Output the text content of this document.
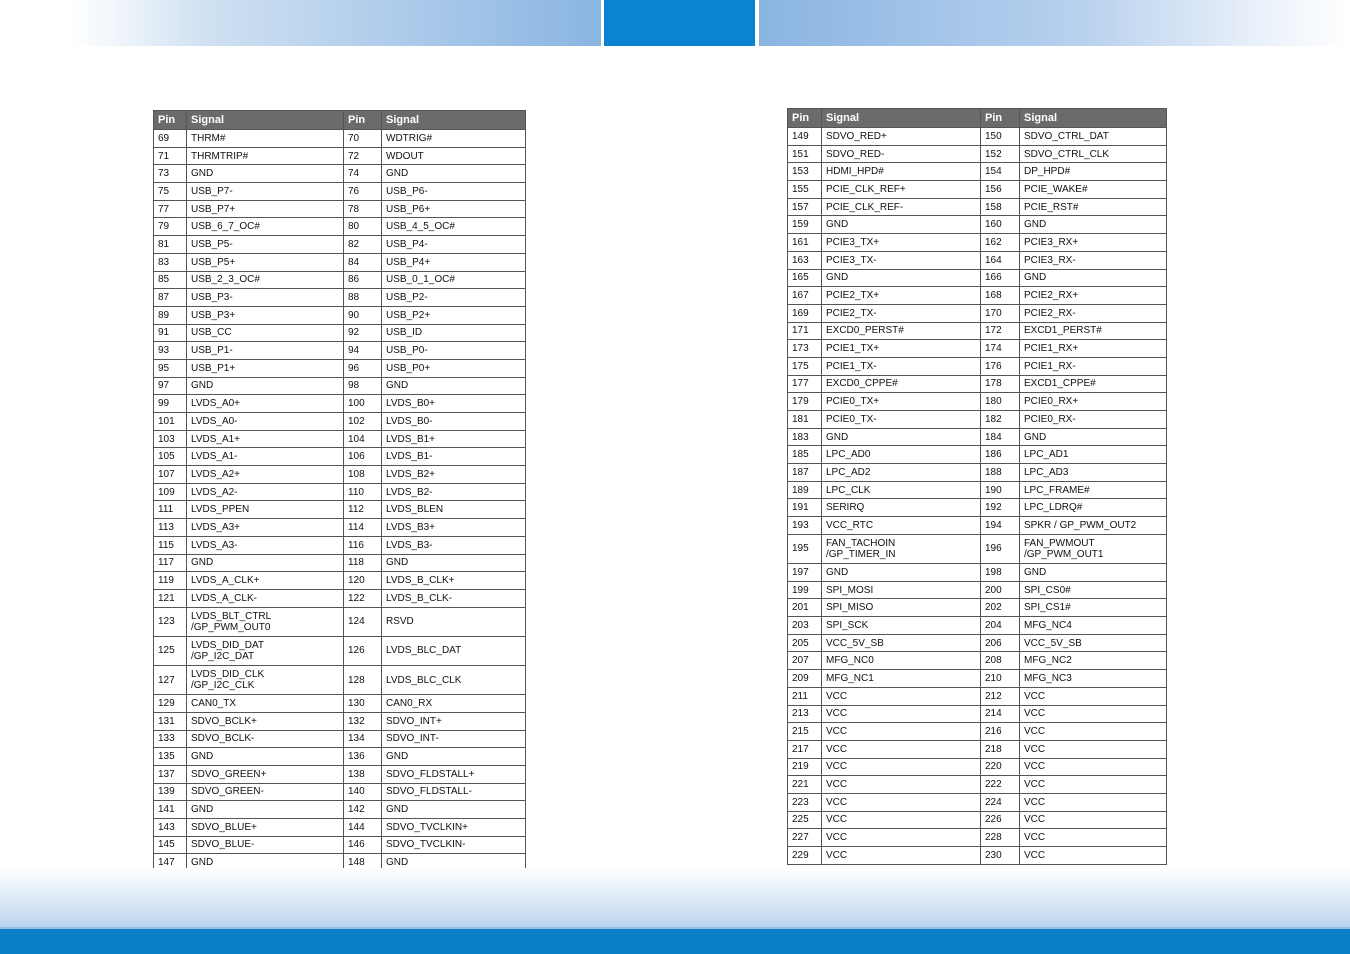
Pin	Signal	Pin	Signal
69	THRM#	70	WDTRIG#
71	THRMTRIP#	72	WDOUT
73	GND	74	GND
75	USB_P7-	76	USB_P6-
77	USB_P7+	78	USB_P6+
79	USB_6_7_OC#	80	USB_4_5_OC#
81	USB_P5-	82	USB_P4-
83	USB_P5+	84	USB_P4+
85	USB_2_3_OC#	86	USB_0_1_OC#
87	USB_P3-	88	USB_P2-
89	USB_P3+	90	USB_P2+
91	USB_CC	92	USB_ID
93	USB_P1-	94	USB_P0-
95	USB_P1+	96	USB_P0+
97	GND	98	GND
99	LVDS_A0+	100	LVDS_B0+
101	LVDS_A0-	102	LVDS_B0-
103	LVDS_A1+	104	LVDS_B1+
105	LVDS_A1-	106	LVDS_B1-
107	LVDS_A2+	108	LVDS_B2+
109	LVDS_A2-	110	LVDS_B2-
111	LVDS_PPEN	112	LVDS_BLEN
113	LVDS_A3+	114	LVDS_B3+
115	LVDS_A3-	116	LVDS_B3-
117	GND	118	GND
119	LVDS_A_CLK+	120	LVDS_B_CLK+
121	LVDS_A_CLK-	122	LVDS_B_CLK-
123	LVDS_BLT_CTRL
/GP_PWM_OUT0	124	RSVD
125	LVDS_DID_DAT
/GP_I2C_DAT	126	LVDS_BLC_DAT
127	LVDS_DID_CLK
/GP_I2C_CLK	128	LVDS_BLC_CLK
129	CAN0_TX	130	CAN0_RX
131	SDVO_BCLK+	132	SDVO_INT+
133	SDVO_BCLK-	134	SDVO_INT-
135	GND	136	GND
137	SDVO_GREEN+	138	SDVO_FLDSTALL+
139	SDVO_GREEN-	140	SDVO_FLDSTALL-
141	GND	142	GND
143	SDVO_BLUE+	144	SDVO_TVCLKIN+
145	SDVO_BLUE-	146	SDVO_TVCLKIN-
147	GND	148	GND
Pin	Signal	Pin	Signal
149	SDVO_RED+	150	SDVO_CTRL_DAT
151	SDVO_RED-	152	SDVO_CTRL_CLK
153	HDMI_HPD#	154	DP_HPD#
155	PCIE_CLK_REF+	156	PCIE_WAKE#
157	PCIE_CLK_REF-	158	PCIE_RST#
159	GND	160	GND
161	PCIE3_TX+	162	PCIE3_RX+
163	PCIE3_TX-	164	PCIE3_RX-
165	GND	166	GND
167	PCIE2_TX+	168	PCIE2_RX+
169	PCIE2_TX-	170	PCIE2_RX-
171	EXCD0_PERST#	172	EXCD1_PERST#
173	PCIE1_TX+	174	PCIE1_RX+
175	PCIE1_TX-	176	PCIE1_RX-
177	EXCD0_CPPE#	178	EXCD1_CPPE#
179	PCIE0_TX+	180	PCIE0_RX+
181	PCIE0_TX-	182	PCIE0_RX-
183	GND	184	GND
185	LPC_AD0	186	LPC_AD1
187	LPC_AD2	188	LPC_AD3
189	LPC_CLK	190	LPC_FRAME#
191	SERIRQ	192	LPC_LDRQ#
193	VCC_RTC	194	SPKR / GP_PWM_OUT2
195	FAN_TACHOIN
/GP_TIMER_IN	196	FAN_PWMOUT
/GP_PWM_OUT1

197	GND	198	GND
199	SPI_MOSI	200	SPI_CS0#
201	SPI_MISO	202	SPI_CS1#
203	SPI_SCK	204	MFG_NC4
205	VCC_5V_SB	206	VCC_5V_SB
207	MFG_NC0	208	MFG_NC2
209	MFG_NC1	210	MFG_NC3
211	VCC	212	VCC
213	VCC	214	VCC
215	VCC	216	VCC
217	VCC	218	VCC
219	VCC	220	VCC
221	VCC	222	VCC
223	VCC	224	VCC
225	VCC	226	VCC
227	VCC	228	VCC
229	VCC	230	VCC
